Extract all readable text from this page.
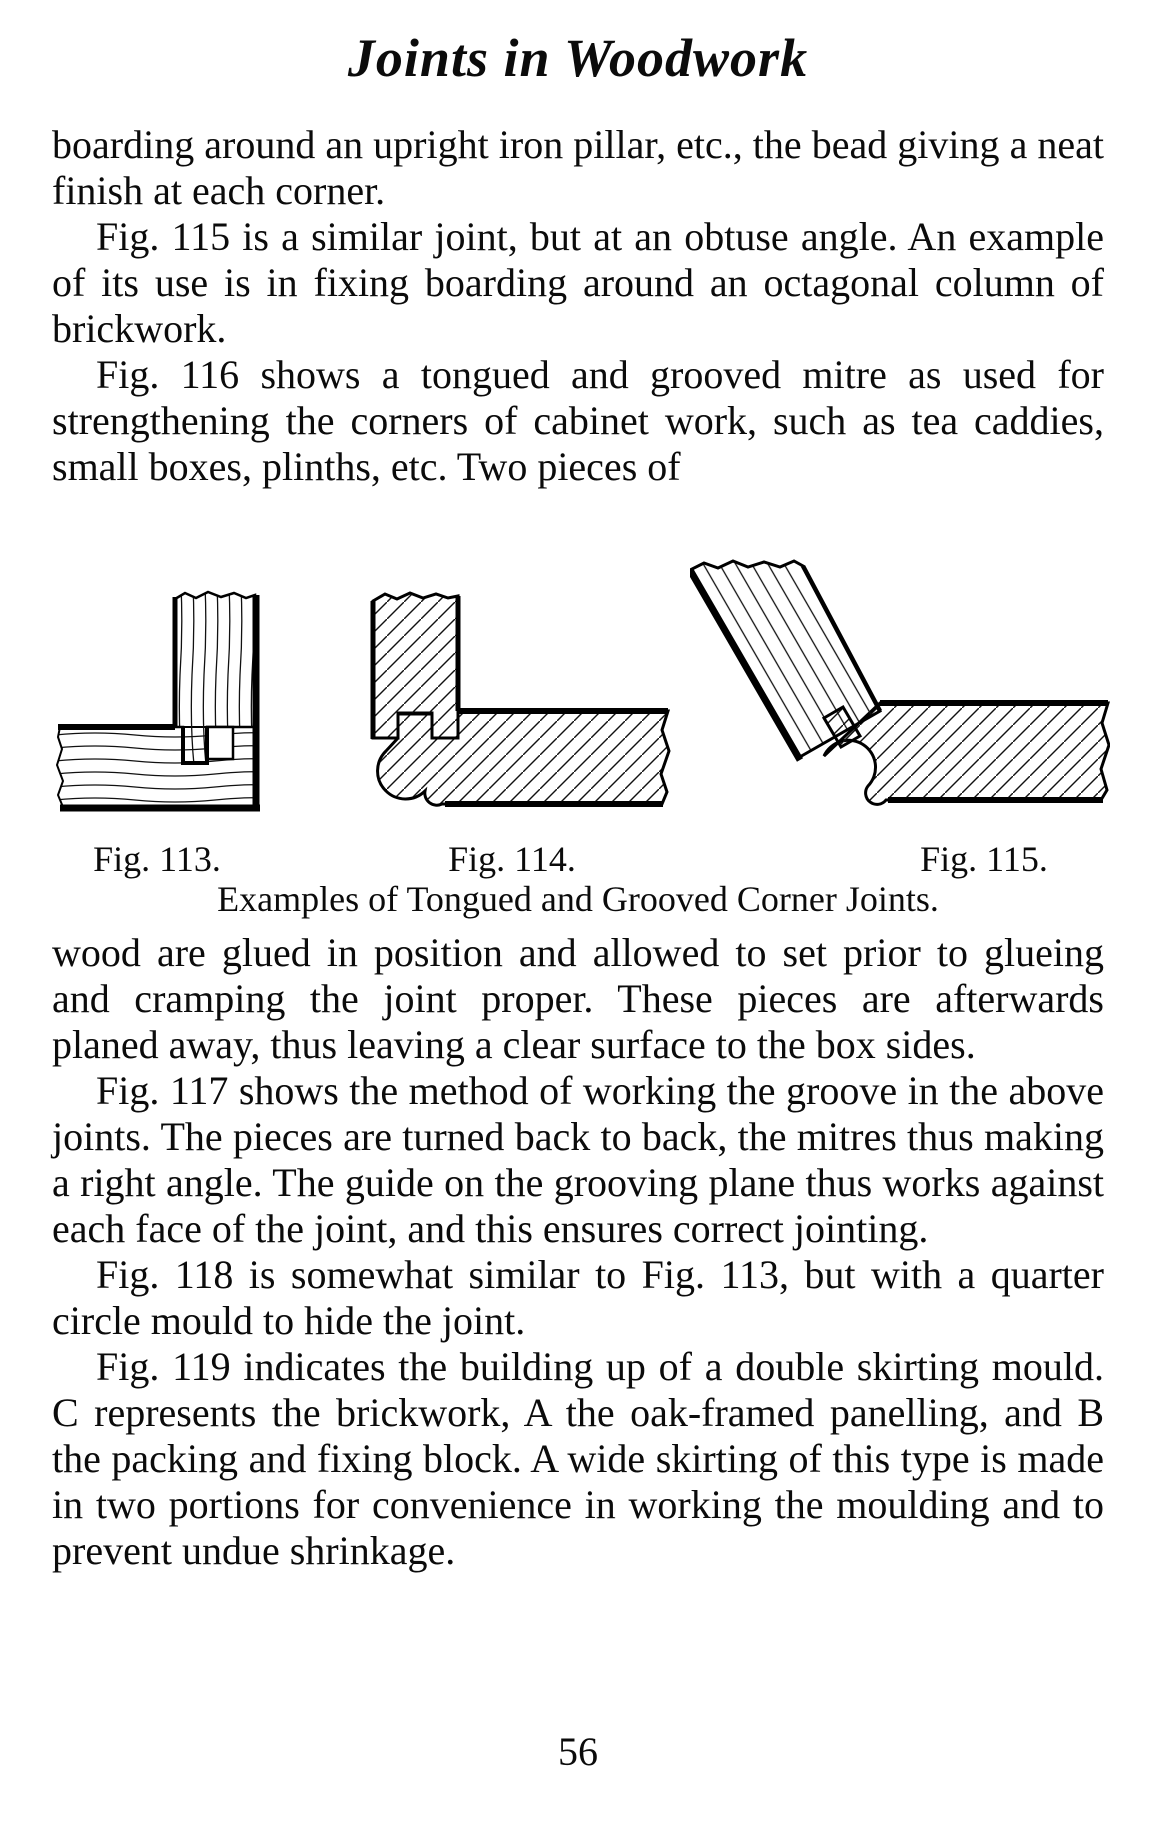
Joints in Woodwork

boarding around an upright iron pillar, etc., the bead giving a neat finish at each corner.

Fig. 115 is a similar joint, but at an obtuse angle. An example of its use is in fixing boarding around an octagonal column of brickwork.

Fig. 116 shows a tongued and grooved mitre as used for strengthening the corners of cabinet work, such as tea caddies, small boxes, plinths, etc. Two pieces of

Fig. 113.	Fig. 114.	Fig. 115.
Examples of Tongued and Grooved Corner Joints.

wood are glued in position and allowed to set prior to glueing and cramping the joint proper. These pieces are afterwards planed away, thus leaving a clear surface to the box sides.

Fig. 117 shows the method of working the groove in the above joints. The pieces are turned back to back, the mitres thus making a right angle. The guide on the grooving plane thus works against each face of the joint, and this ensures correct jointing.

Fig. 118 is somewhat similar to Fig. 113, but with a quarter circle mould to hide the joint.

Fig. 119 indicates the building up of a double skirting mould. C represents the brickwork, A the oak-framed panelling, and B the packing and fixing block. A wide skirting of this type is made in two portions for convenience in working the moulding and to prevent undue shrinkage.

56
